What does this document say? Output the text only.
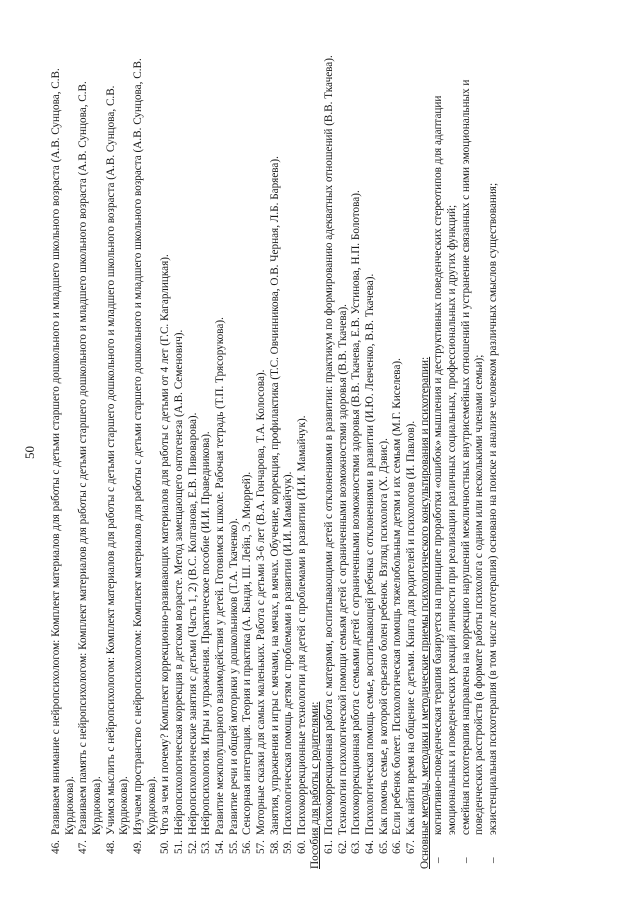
50

46.Развиваем внимание с нейропсихологом: Комплект материалов для работы с детьми старшего дошкольного и младшего школьного возраста (А.В. Сунцова, С.В. Курдюкова).

47.Развиваем память с нейропсихологом: Комплект материалов для работы с детьми старшего дошкольного и младшего школьного возраста (А.В. Сунцова, С.В. Курдюкова).

48.Учимся мыслить с нейропсихологом: Комплект материалов для работы с детьми старшего дошкольного и младшего школьного возраста (А.В. Сунцова, С.В. Курдюкова).

49.Изучаем пространство с нейропсихологом: Комплект материалов для работы с детьми старшего дошкольного и младшего школьного возраста (А.В. Сунцова, С.В. Курдюкова).

50.Что за чем и почему? Комплект коррекционно-развивающих материалов для работы с детьми от 4 лет (Г.С. Кагарлицкая).

51.Нейропсихологическая коррекция в детском возрасте. Метод замещающего онтогенеза (А.В. Семенович).

52.Нейропсихологические занятия с детьми (Часть 1, 2) (В.С. Колганова, Е.В. Пивоварова).

53.Нейропсихология. Игры и упражнения. Практическое пособие (И.И. Праведникова).

54.Развитие межполушарного взаимодействия у детей. Готовимся к школе. Рабочая тетрадь (Т.П. Трясорукова).

55.Развитие речи и общей моторики у дошкольников (Т.А. Ткаченко).

56.Сенсорная интеграция. Теория и практика (А. Банди, Ш. Лейн, Э. Мюррей).

57.Моторные сказки для самых маленьких. Работа с детьми 3-6 лет (В.А. Гончарова, Т.А. Колосова).

58.Занятия, упражнения и игры с мячами, на мячах, в мячах. Обучение, коррекция, профилактика (Т.С. Овчинникова, О.В. Черная, Л.Б. Баряева).

59.Психологическая помощь детям с проблемами в развитии (И.И. Мамайчук).

60.Психокоррекционные технологии для детей с проблемами в развитии (И.И. Мамайчук). Пособия для работы с родителями: 61.Психокоррекционная работа с матерями, воспитывающими детей с отклонениями в развитии: практикум по формированию адекватных отношений (В.В. Ткачева).

62.Технологии психологической помощи семьям детей с ограниченными возможностями здоровья (В.В. Ткачева).

63.Психокоррекционная работа с семьями детей с ограниченными возможностями здоровья (В.В. Ткачева, Е.В. Устинова, Н.П. Болотова).

64.Психологическая помощь семье, воспитывающей ребенка с отклонениями в развитии (И.Ю. Левченко, В.В. Ткачева).

65.Как помочь семье, в которой серьезно болен ребенок. Взгляд психолога (Х. Дэвис).

66.Если ребенок болеет. Психологическая помощь тяжелобольным детям и их семьям (М.Г. Киселева).

67.Как найти время на общение с детьми. Книга для родителей и психологов (И. Павлов). Основные методы, методики и методические приемы психологического консультирования и психотерапии: –
когнитивно-поведенческая терапия базируется на принципе проработки «ошибок» мышления и деструктивных поведенческих стереотипов для адаптации эмоциональных и поведенческих реакций личности при реализации различных социальных, профессиональных и других функций;

–
семейная психотерапия направлена на коррекцию нарушений межличностных внутрисемейных отношений и устранение связанных с ними эмоциональных и поведенческих расстройств (в формате работы психолога с одним или несколькими членами семьи);

–
экзистенциальная психотерапия (в том числе логотерапия) основано на поиске и анализе человеком различных смыслов существования;
